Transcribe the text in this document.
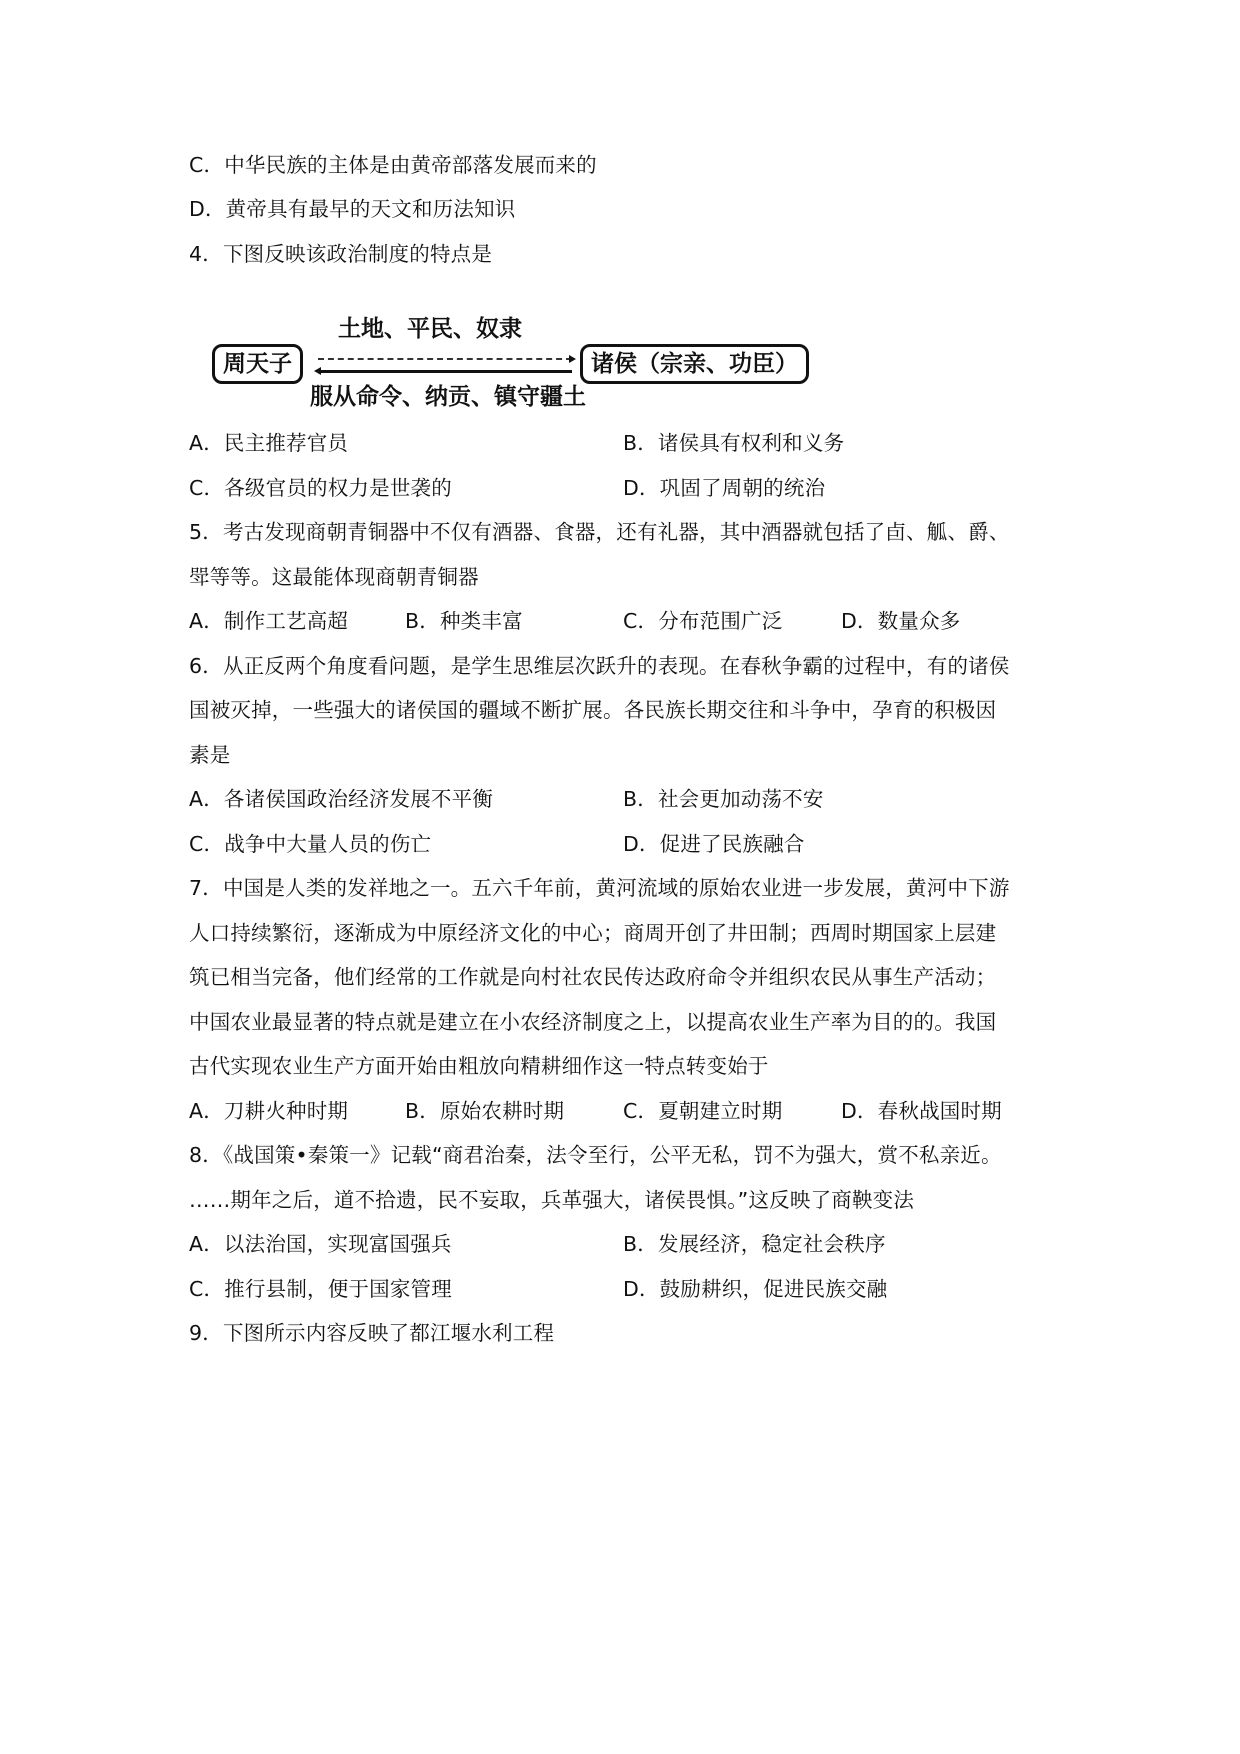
C．中华民族的主体是由黄帝部落发展而来的
D．黄帝具有最早的天文和历法知识
4．下图反映该政治制度的特点是
土地、平民、奴隶
周天子	诸侯（宗亲、功臣）
服从命令、纳贡、镇守疆土
A．民主推荐官员	B．诸侯具有权利和义务
C．各级官员的权力是世袭的	D．巩固了周朝的统治
5．考古发现商朝青铜器中不仅有酒器、食器，还有礼器，其中酒器就包括了卣、觚、爵、
斝等等。这最能体现商朝青铜器
A．制作工艺高超	B．种类丰富	C．分布范围广泛	D．数量众多
6．从正反两个角度看问题，是学生思维层次跃升的表现。在春秋争霸的过程中，有的诸侯
国被灭掉，一些强大的诸侯国的疆域不断扩展。各民族长期交往和斗争中，孕育的积极因
素是
A．各诸侯国政治经济发展不平衡	B．社会更加动荡不安
C．战争中大量人员的伤亡	D．促进了民族融合
7．中国是人类的发祥地之一。五六千年前，黄河流域的原始农业进一步发展，黄河中下游
人口持续繁衍，逐渐成为中原经济文化的中心；商周开创了井田制；西周时期国家上层建
筑已相当完备，他们经常的工作就是向村社农民传达政府命令并组织农民从事生产活动；
中国农业最显著的特点就是建立在小农经济制度之上，以提高农业生产率为目的的。我国
古代实现农业生产方面开始由粗放向精耕细作这一特点转变始于
A．刀耕火种时期	B．原始农耕时期	C．夏朝建立时期	D．春秋战国时期
8．《战国策•秦策一》记载“商君治秦，法令至行，公平无私，罚不为强大，赏不私亲近。
……期年之后，道不拾遗，民不妄取，兵革强大，诸侯畏惧。”这反映了商鞅变法
A．以法治国，实现富国强兵	B．发展经济，稳定社会秩序
C．推行县制，便于国家管理	D．鼓励耕织，促进民族交融
9．下图所示内容反映了都江堰水利工程
